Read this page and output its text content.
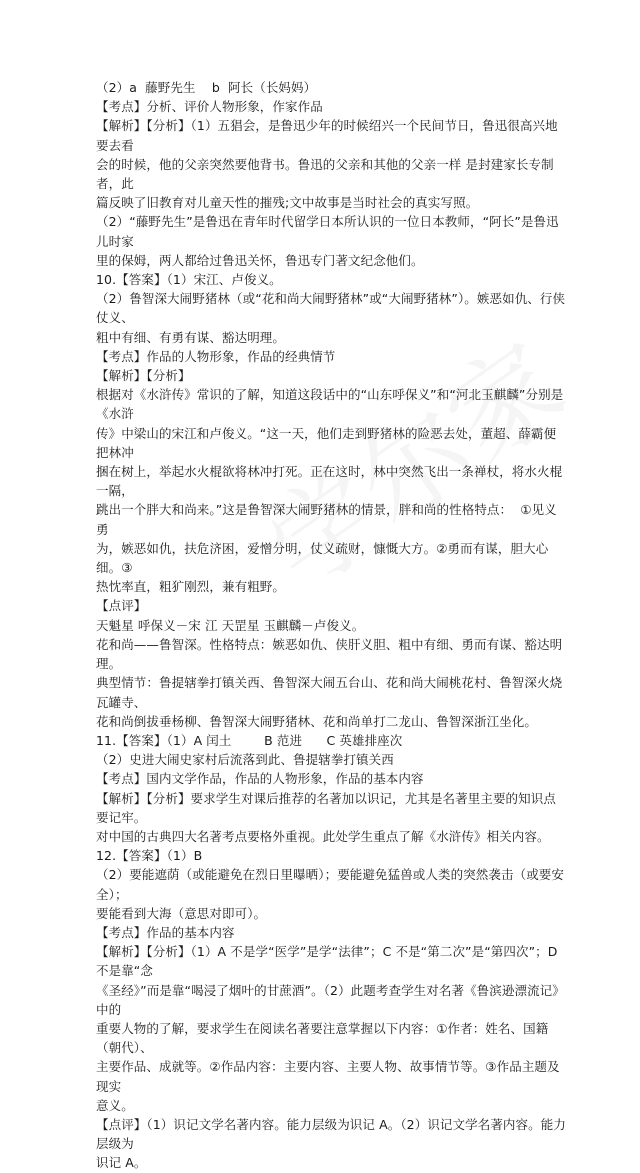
（2）a  藤野先生    b  阿长（长妈妈）
【考点】分析、评价人物形象，作家作品
【解析】【分析】（1）五猖会，是鲁迅少年的时候绍兴一个民间节日，鲁迅很高兴地要去看
会的时候，他的父亲突然要他背书。鲁迅的父亲和其他的父亲一样 是封建家长专制者，此
篇反映了旧教育对儿童天性的摧残;文中故事是当时社会的真实写照。
（2）“藤野先生”是鲁迅在青年时代留学日本所认识的一位日本教师，“阿长”是鲁迅儿时家
里的保姆，两人都给过鲁迅关怀，鲁迅专门著文纪念他们。
10.【答案】（1）宋江、卢俊义。
（2）鲁智深大闹野猪林（或“花和尚大闹野猪林”或“大闹野猪林”）。嫉恶如仇、行侠仗义、
粗中有细、有勇有谋、豁达明理。
【考点】作品的人物形象，作品的经典情节
【解析】【分析】
根据对《水浒传》常识的了解，知道这段话中的“山东呼保义”和“河北玉麒麟”分别是《水浒
传》中梁山的宋江和卢俊义。“这一天，他们走到野猪林的险恶去处，董超、薛霸便把林冲
捆在树上，举起水火棍欲将林冲打死。正在这时，林中突然飞出一条禅杖，将水火棍一隔，
跳出一个胖大和尚来。”这是鲁智深大闹野猪林的情景，胖和尚的性格特点：  ①见义勇
为，嫉恶如仇，扶危济困，爱憎分明，仗义疏财，慷慨大方。②勇而有谋，胆大心细。③
热忱率直，粗犷刚烈，兼有粗野。
【点评】
天魁星 呼保义－宋 江 天罡星 玉麒麟－卢俊义。
花和尚——鲁智深。性格特点：嫉恶如仇、侠肝义胆、粗中有细、勇而有谋、豁达明理。
典型情节：鲁提辖拳打镇关西、鲁智深大闹五台山、花和尚大闹桃花村、鲁智深火烧瓦罐寺、
花和尚倒拔垂杨柳、鲁智深大闹野猪林、花和尚单打二龙山、鲁智深浙江坐化。
11.【答案】（1）A 闰土        B 范进      C 英雄排座次
（2）史进大闹史家村后流落到此、鲁提辖拳打镇关西
【考点】国内文学作品，作品的人物形象，作品的基本内容
【解析】【分析】要求学生对课后推荐的名著加以识记，尤其是名著里主要的知识点要记牢。
对中国的古典四大名著考点要格外重视。此处学生重点了解《水浒传》相关内容。
12.【答案】（1）B
（2）要能遮荫（或能避免在烈日里曝晒）；要能避免猛兽或人类的突然袭击（或要安全）；
要能看到大海（意思对即可）。
【考点】作品的基本内容
【解析】【分析】（1）A 不是学“医学”是学“法律”；C 不是“第二次”是“第四次”；D 不是靠“念
《圣经》”而是靠“喝浸了烟叶的甘蔗酒”。（2）此题考查学生对名著《鲁滨逊漂流记》中的
重要人物的了解，要求学生在阅读名著要注意掌握以下内容：①作者：姓名、国籍（朝代）、
主要作品、成就等。②作品内容：主要内容、主要人物、故事情节等。③作品主题及现实
意义。
【点评】（1）识记文学名著内容。能力层级为识记 A。（2）识记文学名著内容。能力层级为
识记 A。
